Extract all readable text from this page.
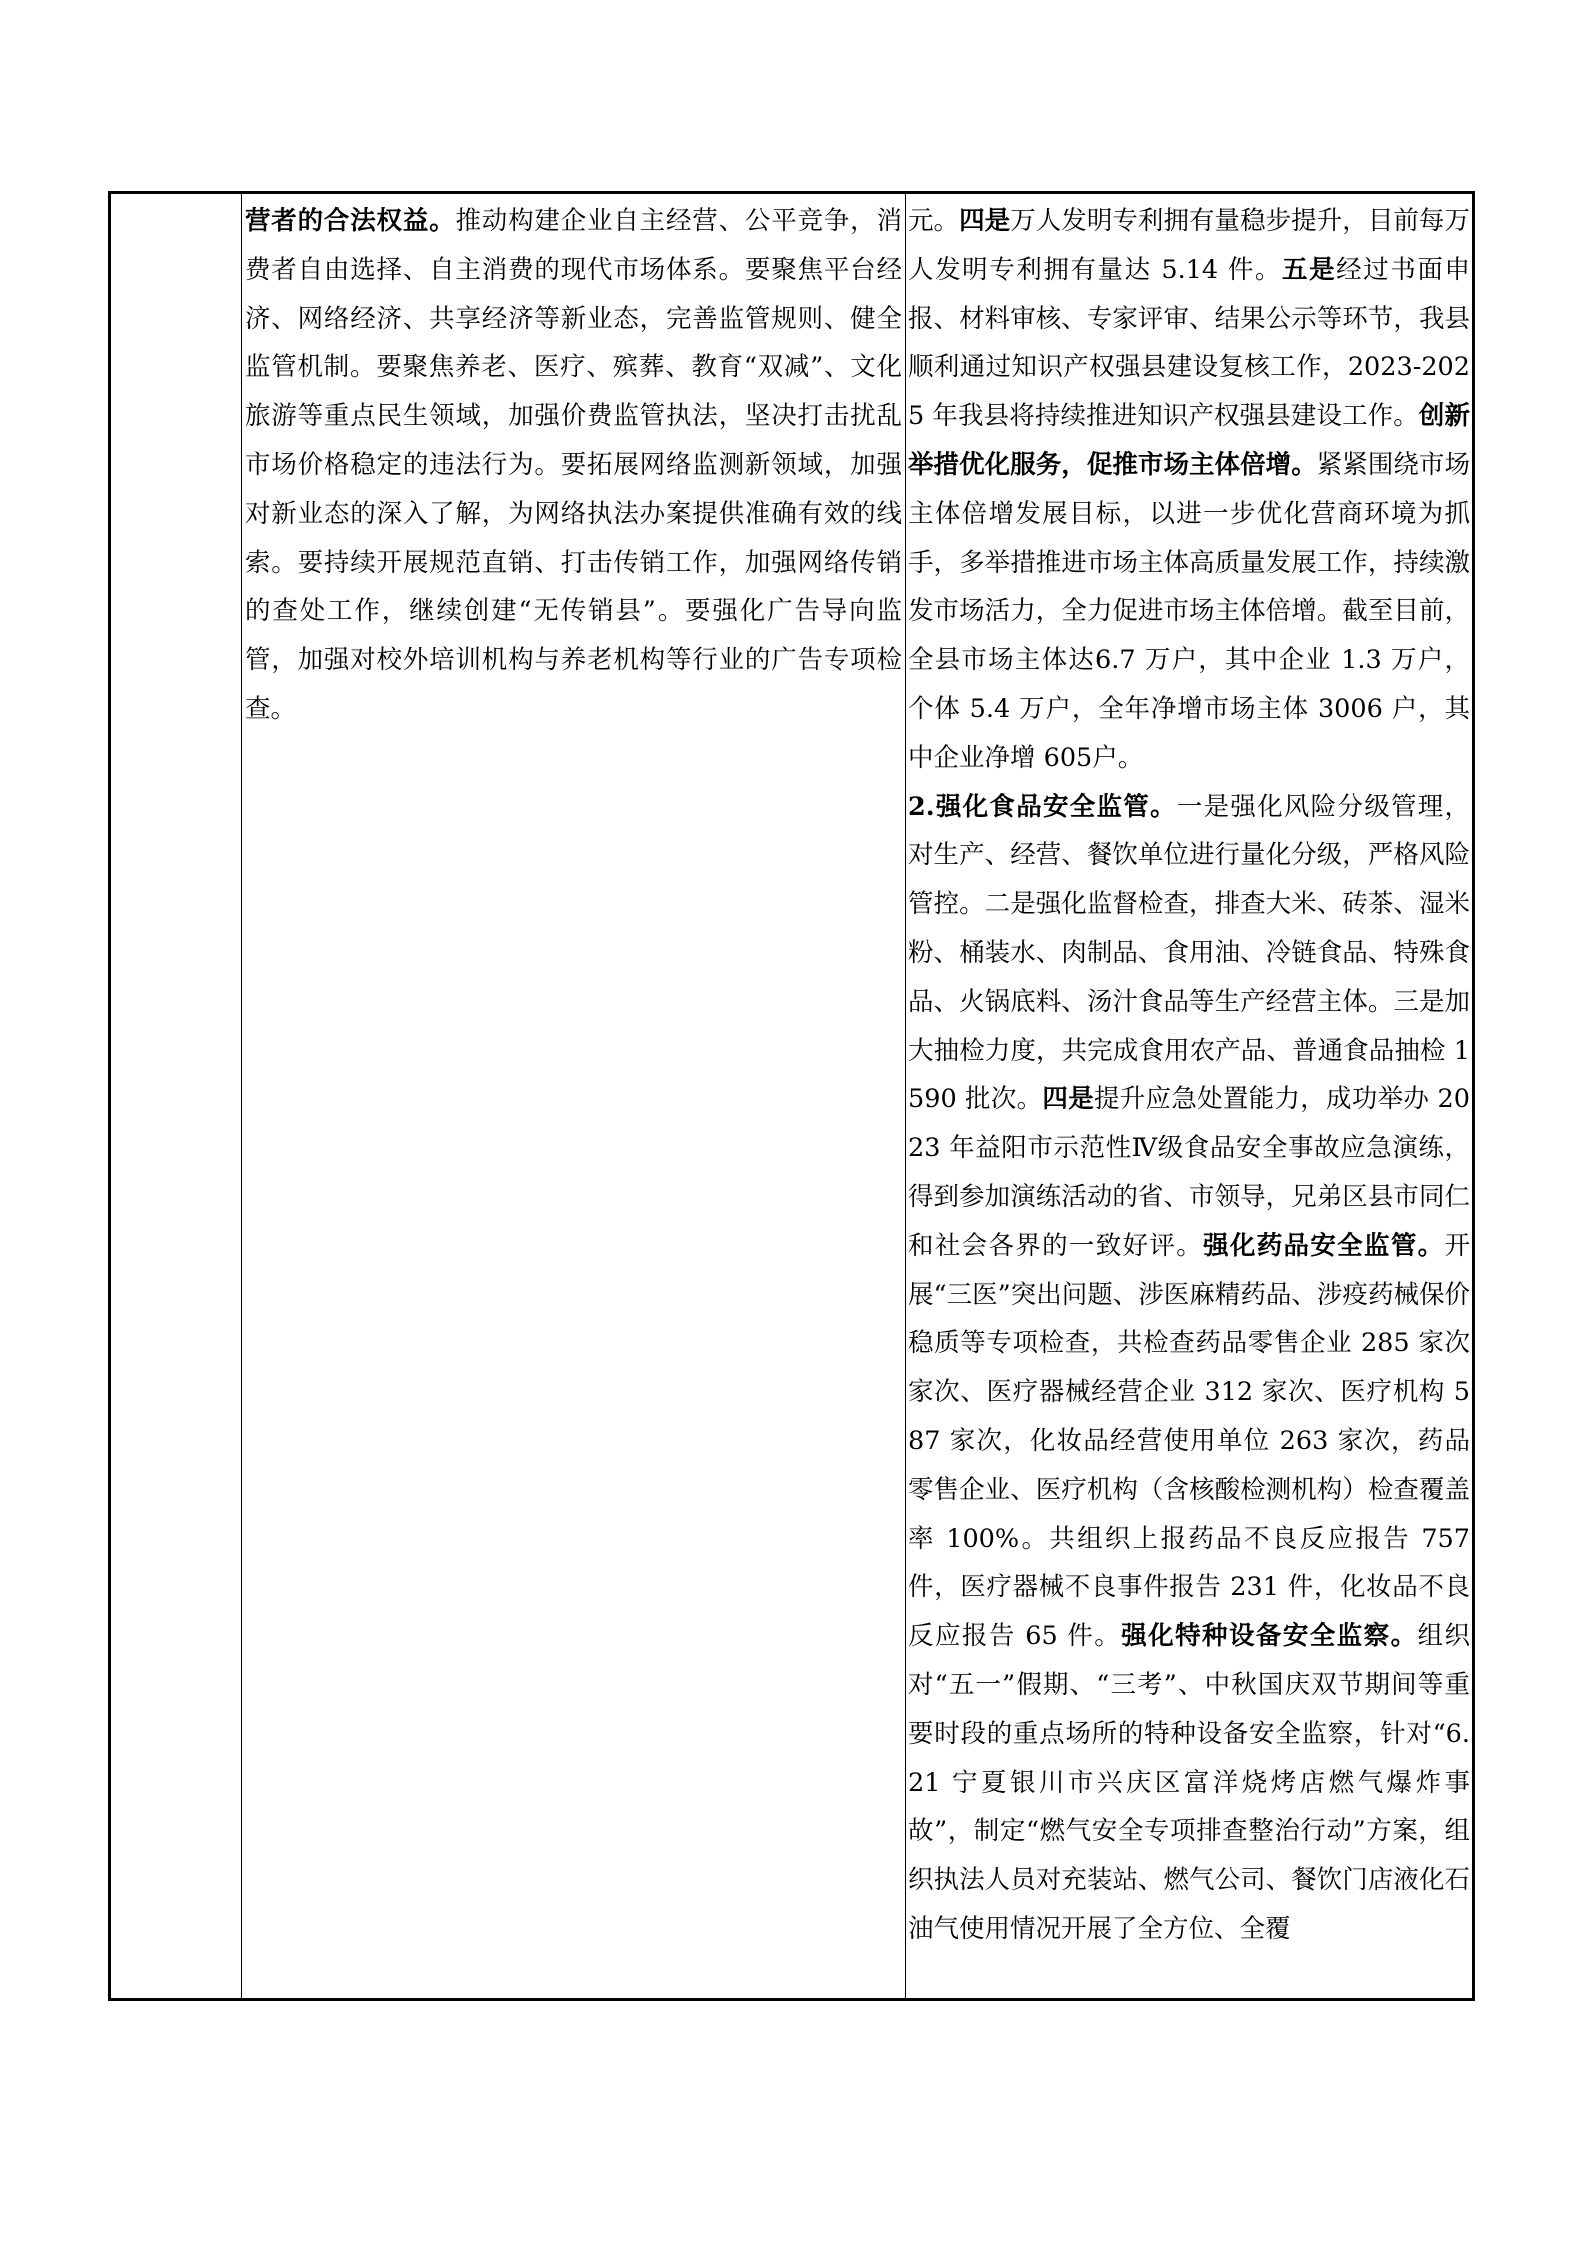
营者的合法权益。推动构建企业自主经营、公平竞争，消费者自由选择、自主消费的现代市场体系。要聚焦平台经济、网络经济、共享经济等新业态，完善监管规则、健全监管机制。要聚焦养老、医疗、殡葬、教育“双减”、文化旅游等重点民生领域，加强价费监管执法，坚决打击扰乱市场价格稳定的违法行为。要拓展网络监测新领域，加强对新业态的深入了解，为网络执法办案提供准确有效的线索。要持续开展规范直销、打击传销工作，加强网络传销的查处工作，继续创建“无传销县”。要强化广告导向监管，加强对校外培训机构与养老机构等行业的广告专项检查。

元。四是万人发明专利拥有量稳步提升，目前每万人发明专利拥有量达 5.14 件。五是经过书面申报、材料审核、专家评审、结果公示等环节，我县顺利通过知识产权强县建设复核工作，2023-2025 年我县将持续推进知识产权强县建设工作。创新举措优化服务，促推市场主体倍增。紧紧围绕市场主体倍增发展目标，以进一步优化营商环境为抓手，多举措推进市场主体高质量发展工作，持续激发市场活力，全力促进市场主体倍增。截至目前，全县市场主体达6.7 万户，其中企业 1.3 万户，个体 5.4 万户，全年净增市场主体 3006 户，其中企业净增 605户。
2.强化食品安全监管。一是强化风险分级管理，对生产、经营、餐饮单位进行量化分级，严格风险管控。二是强化监督检查，排查大米、砖茶、湿米粉、桶装水、肉制品、食用油、冷链食品、特殊食品、火锅底料、汤汁食品等生产经营主体。三是加大抽检力度，共完成食用农产品、普通食品抽检 1590 批次。四是提升应急处置能力，成功举办 2023 年益阳市示范性Ⅳ级食品安全事故应急演练，得到参加演练活动的省、市领导，兄弟区县市同仁和社会各界的一致好评。强化药品安全监管。开展“三医”突出问题、涉医麻精药品、涉疫药械保价稳质等专项检查，共检查药品零售企业 285 家次家次、医疗器械经营企业 312 家次、医疗机构 587 家次，化妆品经营使用单位 263 家次，药品零售企业、医疗机构（含核酸检测机构）检查覆盖率 100%。共组织上报药品不良反应报告 757 件，医疗器械不良事件报告 231 件，化妆品不良反应报告 65 件。强化特种设备安全监察。组织对“五一”假期、“三考”、中秋国庆双节期间等重要时段的重点场所的特种设备安全监察，针对“6.21 宁夏银川市兴庆区富洋烧烤店燃气爆炸事故”，制定“燃气安全专项排查整治行动”方案，组织执法人员对充装站、燃气公司、餐饮门店液化石油气使用情况开展了全方位、全覆
